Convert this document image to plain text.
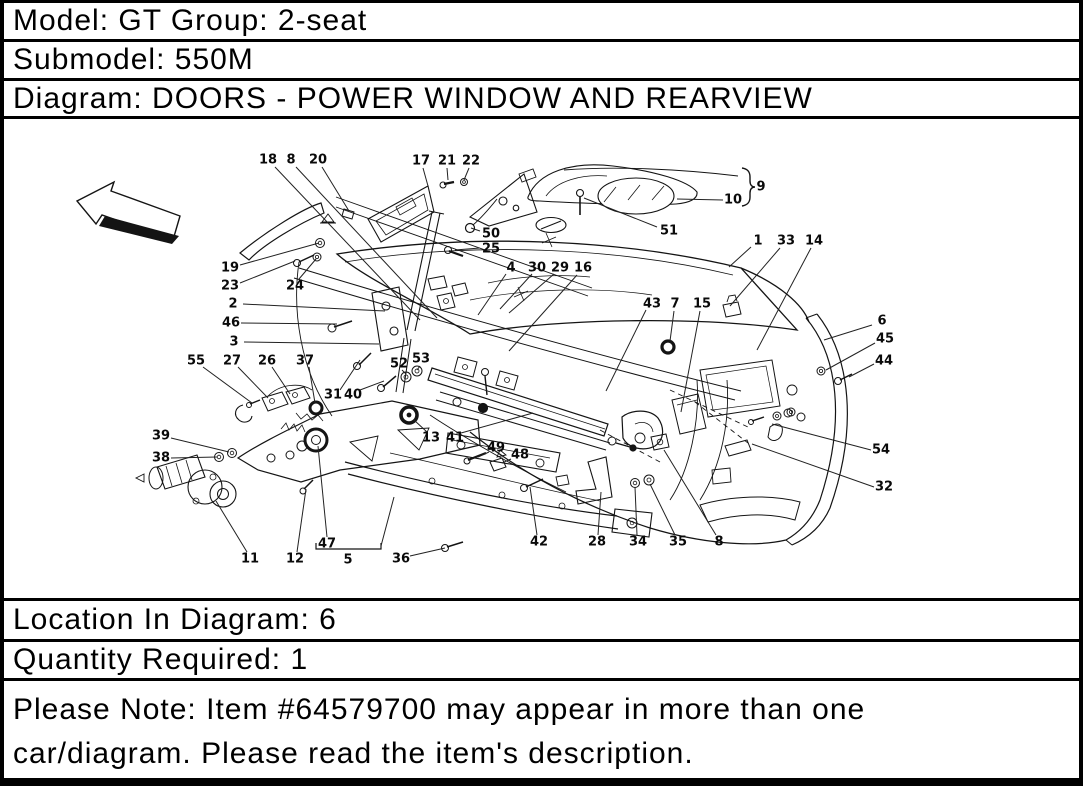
Model: GT Group: 2-seat
Submodel: 550M
Diagram: DOORS - POWER WINDOW AND REARVIEW
18 8 20	17 21 22
9
10
51
50
25
19
23	24
1 33 14
2
46
3
4 30 29 16
43 7 15
6
45
44
55 27 26 37	52 53
31 40
13 41
49 48
39
38
11 12
47
5	36
42	28 34 35 8
54
32
Location In Diagram: 6
Quantity Required: 1
Please Note: Item #64579700 may appear in more than one
car/diagram. Please read the item's description.
